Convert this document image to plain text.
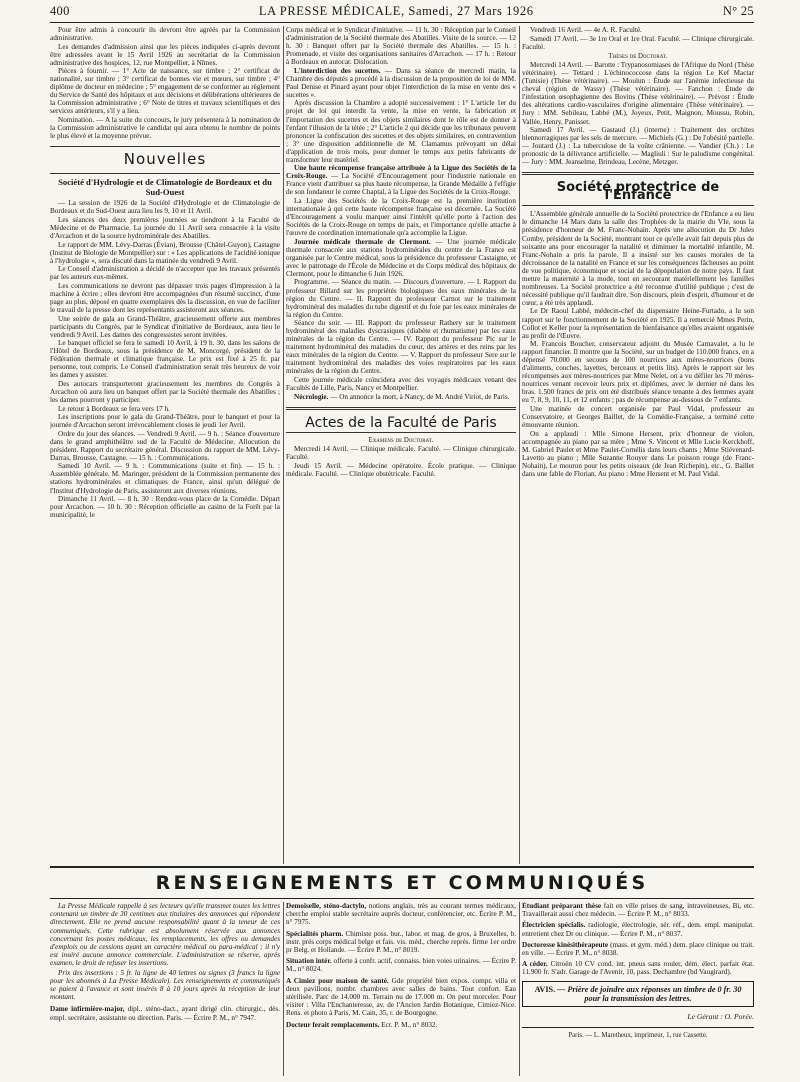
400	LA PRESSE MÉDICALE, Samedi, 27 Mars 1926	N° 25

Pour être admis à concourir ils devront être agréés par la Commission administrative.

Les demandes d'admission ainsi que les pièces indiquées ci-après devront être adressées avant le 15 Avril 1926 au secrétariat de la Commission administrative des hospices, 12, rue Montpellier, à Nîmes.

Pièces à fournir. — 1° Acte de naissance, sur timbre ; 2° certificat de nationalité, sur timbre ; 3° certificat de bonnes vie et mœurs, sur timbre ; 4° diplôme de docteur en médecine ; 5° engagement de se conformer au règlement du Service de Santé des hôpitaux et aux décisions et délibérations ultérieures de la Commission administrative ; 6° Note de titres et travaux scientifiques et des services antérieurs, s'il y a lieu.

Nomination. — A la suite du concours, le jury présentera à la nomination de la Commission administrative le candidat qui aura obtenu le nombre de points le plus élevé et la moyenne prévue.

Nouvelles
Société d'Hydrologie et de Climatologie de Bordeaux et du Sud-Ouest

— La session de 1926 de la Société d'Hydrologie et de Climatologie de Bordeaux et du Sud-Ouest aura lieu les 9, 10 et 11 Avril.

Les séances des deux premières journées se tiendront à la Faculté de Médecine et de Pharmacie. La journée du 11 Avril sera consacrée à la visite d'Arcachon et de la source hydrominérale des Abatilles.

Le rapport de MM. Lévy-Darras (Évian), Brousse (Châtel-Guyon), Castagne (Institut de Biologie de Montpellier) sur : « Les applications de l'acidité ionique à l'hydrologie », sera discuté dans la matinée du vendredi 9 Avril.

Le Conseil d'administration a décidé de n'accepter que les travaux présentés par les auteurs eux-mêmes.

Les communications ne devront pas dépasser trois pages d'impression à la machine à écrire ; elles devront être accompagnées d'un résumé succinct, d'une page au plus, déposé en quatre exemplaires dès la discussion, en vue de faciliter le travail de la presse dont les représentants assisteront aux séances.

Une soirée de gala au Grand-Théâtre, gracieusement offerte aux membres participants du Congrès, par le Syndicat d'initiative de Bordeaux, aura lieu le vendredi 9 Avril. Les dames des congressistes seront invitées.

Le banquet officiel se fera le samedi 10 Avril, à 19 h. 30, dans les salons de l'Hôtel de Bordeaux, sous la présidence de M. Moncorgé, président de la Fédération thermale et climatique française. Le prix est fixé à 25 fr. par personne, tout compris. Le Conseil d'administration serait très heureux de voir les dames y assister.

Des autocars transporteront gracieusement les membres du Congrès à Arcachon où aura lieu un banquet offert par la Société thermale des Abatilles ; les dames pourront y participer.

Le retour à Bordeaux se fera vers 17 h.

Les inscriptions pour le gala du Grand-Théâtre, pour le banquet et pour la journée d'Arcachon seront irrévocablement closes le jeudi 1er Avril.

Ordre du jour des séances. — Vendredi 9 Avril. — 9 h. : Séance d'ouverture dans le grand amphithéâtre sud de la Faculté de Médecine. Allocution du président. Rapport du secrétaire général. Discussion du rapport de MM. Lévy-Darras, Brousse, Castagne. — 15 h. : Communications.

Samedi 10 Avril. — 9 h. : Communications (suite et fin). — 15 h. : Assemblée générale. M. Maringer, président de la Commission permanente des stations hydrominérales et climatiques de France, ainsi qu'un délégué de l'Institut d'Hydrologie de Paris, assisteront aux diverses réunions.

Dimanche 11 Avril. — 8 h. 30 : Rendez-vous place de la Comédie. Départ pour Arcachon. — 10 h. 30 : Réception officielle au casino de la Forêt par la municipalité, le

Corps médical et le Syndicat d'initiative. — 11 h. 30 : Réception par le Conseil d'administration de la Société thermale des Abatilles. Visite de la source. — 12 h. 30 : Banquet offert par la Société thermale des Abatilles. — 15 h. : Promenade, et visite des organisations sanitaires d'Arcachon. — 17 h. : Retour à Bordeaux en autocar. Dislocation.

L'interdiction des sucettes. — Dans sa séance de mercredi matin, la Chambre des députés a procédé à la discussion de la proposition de loi de MM. Paul Denise et Pinard ayant pour objet l'interdiction de la mise en vente des « sucettes ».

Après discussion la Chambre a adopté successivement : 1° L'article 1er du projet de loi qui interdit la vente, la mise en vente, la fabrication et l'importation des sucettes et des objets similaires dont le rôle est de donner à l'enfant l'illusion de la tétée ; 2° L'article 2 qui décide que les tribunaux peuvent prononcer la confiscation des sucettes et des objets similaires, en contravention ; 3° une disposition additionnelle de M. Clamamus prévoyant un délai d'application de trois mois, pour donner le temps aux petits fabricants de transformer leur matériel.

Une haute récompense française attribuée à la Ligue des Sociétés de la Croix-Rouge. — La Société d'Encouragement pour l'industrie nationale en France vient d'attribuer sa plus haute récompense, la Grande Médaille à l'effigie de son fondateur le comte Chaptal, à la Ligue des Sociétés de la Croix-Rouge.

La Ligue des Sociétés de la Croix-Rouge est la première institution internationale à qui cette haute récompense française est décernée. La Société d'Encouragement a voulu marquer ainsi l'intérêt qu'elle porte à l'action des Sociétés de la Croix-Rouge en temps de paix, et l'importance qu'elle attache à l'œuvre de coordination internationale qu'a accomplie la Ligue.

Journée médicale thermale de Clermont. — Une journée médicale thermale consacrée aux stations hydrominérales du centre de la France est organisée par le Centre médical, sous la présidence du professeur Castaigne, et avec le patronage de l'École de Médecine et du Corps médical des hôpitaux de Clermont, pour le dimanche 6 Juin 1926.

Programme. — Séance du matin. — Discours d'ouverture. — I. Rapport du professeur Billard sur les propriétés biologiques des eaux minérales de la région du Centre. — II. Rapport du professeur Carnot sur le traitement hydrominéral des maladies du tube digestif et du foie par les eaux minérales de la région du Centre.

Séance du soir. — III. Rapport du professeur Rathery sur le traitement hydrominéral des maladies dyscrasiques (diabète et rhumatisme) par les eaux minérales de la région du Centre. — IV. Rapport du professeur Pic sur le traitement hydrominéral des maladies du cœur, des artères et des reins par les eaux minérales de la région du Centre. — V. Rapport du professeur Sere sur le traitement hydrominéral des maladies des voies respiratoires par les eaux minérales de la région du Centre.

Cette journée médicale coïncidera avec des voyages médicaux venant des Facultés de Lille, Paris, Nancy et Montpellier.

Nécrologie. — On annonce la mort, à Nancy, de M. André Viriot, de Paris.

Actes de la Faculté de Paris

Examens de Doctorat.

Mercredi 14 Avril. — Clinique médicale. Faculté. — Clinique chirurgicale. Faculté.

Jeudi 15 Avril. — Médecine opératoire. École pratique. — Clinique médicale. Faculté. — Clinique obstétricale. Faculté.

Vendredi 16 Avril. — 4e A. R. Faculté.

Samedi 17 Avril. — 3e 1re Oral et 1re Oral. Faculté. — Clinique chirurgicale. Faculté.

Thèses de Doctorat.

Mercredi 14 Avril. — Barotte : Trypanosomiases de l'Afrique du Nord (Thèse vétérinaire). — Tettard : L'échinococcose dans la région Le Kef Mactar (Tunisie) (Thèse vétérinaire). — Moulun : Étude sur l'anémie infectieuse du cheval (région de Wassy) (Thèse vétérinaire). — Fanchon : Étude de l'infestation œsophagienne des Bovins (Thèse vétérinaire). — Prévost : Étude des altérations cardio-vasculaires d'origine alimentaire (Thèse vétérinaire). — Jury : MM. Sebileau, Labbé (M.), Joyeux, Petit, Maignon, Moussu, Robin, Vallée, Henry, Panisset.

Samedi 17 Avril. — Gastaud (J.) (interne) : Traitement des orchites blennorragiques par les sels de mercure. — Michiels (G.) : De l'obésité partielle. — Joutard (J.) : La tuberculose de la voûte crânienne. — Vandier (Ch.) : Le pronostic de la délivrance artificielle. — Magliuli : Sur le paludisme congénital. — Jury : MM. Jeanselme, Brindeau, Lecène, Metzger.

Société protectrice de l'Enfance

L'Assemblée générale annuelle de la Société protectrice de l'Enfance a eu lieu le dimanche 14 Mars dans la salle des Trophées de la mairie du VIe, sous la présidence d'honneur de M. Franc-Nohain. Après une allocution du Dr Jules Comby, président de la Société, montrant tout ce qu'elle avait fait depuis plus de soixante ans pour encourager la natalité et diminuer la mortalité infantile, M. Franc-Nohain a pris la parole. Il a insisté sur les causes morales de la décroissance de la natalité en France et sur les conséquences fâcheuses au point de vue politique, économique et social de la dépopulation de notre pays. Il faut mettre la maternité à la mode, tout en secourant matériellement les familles nombreuses. La Société protectrice a été reconnue d'utilité publique ; c'est de nécessité publique qu'il faudrait dire. Son discours, plein d'esprit, d'humour et de cœur, a été très applaudi.

Le Dr Raoul Labbé, médecin-chef du dispensaire Heine-Furtado, a lu son rapport sur le fonctionnement de la Société en 1925. Il a remercié Mmes Perin, Collot et Keller pour la représentation de bienfaisance qu'elles avaient organisée au profit de l'Œuvre.

M. Francois Boucher, conservateur adjoint du Musée Carnavalet, a lu le rapport financier. Il montre que la Société, sur un budget de 110.000 francs, en a dépensé 70.000 en secours de 100 nourrices aux mères-nourrices (bons d'aliments, couches, layettes, berceaux et petits lits). Après le rapport sur les récompenses aux mères-nourrices par Mme Nelet, on a vu défiler les 70 mères-nourrices venant recevoir leurs prix et diplômes, avec le dernier né dans les bras. 1.500 francs de prix ont été distribués séance tenante à des femmes ayant eu 7, 8, 9, 10, 11, et 12 enfants ; pas de récompense au-dessous de 7 enfants.

Une matinée de concert organisée par Paul Vidal, professeur au Conservatoire, et Georges Baillet, de la Comédie-Française, a terminé cette émouvante réunion.

On a applaudi : Mlle Simone Hersent, prix d'honneur de violon, accompagnée au piano par sa mère ; Mme S. Vincent et Mlle Lucie Kerckhoff, M. Gabriel Paulet et Mme Paulet-Cornélis dans leurs chants ; Mme Stiévenard-Lavetto au piano ; Mlle Suzanne Rouyer dans Le poisson rouge (de Franc-Nohain), Le mouron pour les petits oiseaux (de Jean Richepin), etc., G. Baillet dans une fable de Florian. Au piano : Mme Hersent et M. Paul Vidal.

RENSEIGNEMENTS ET COMMUNIQUÉS

La Presse Médicale rappelle à ses lecteurs qu'elle transmet toutes les lettres contenant un timbre de 30 centimes aux titulaires des annonces qui répondent directement. Elle ne prend aucune responsabilité quant à la teneur de ces communiqués. Cette rubrique est absolument réservée aux annonces concernant les postes médicaux, les remplacements, les offres ou demandes d'emplois ou de cessions ayant un caractère médical ou para-médical ; il n'y est inséré aucune annonce commerciale. L'administration se réserve, après examen, le droit de refuser les insertions.

Prix des insertions : 5 fr. la ligne de 40 lettres ou signes (3 francs la ligne pour les abonnés à La Presse Médicale). Les renseignements et communiqués se paient à l'avance et sont insérés 8 à 10 jours après la réception de leur montant.

Dame infirmière-major, dipl., sténo-dact., ayant dirigé clin. chirurgic., dés. empl. secrétaire, assistante ou direction. Paris. — Écrire P. M., n° 7947.

Demoiselle, sténo-dactylo, notions anglais, très au courant termes médicaux, cherche emploi stable secrétaire auprès docteur, conférencier, etc. Écrire P. M., n° 7975.

Spécialités pharm. Chimiste poss. bur., labor. et mag. de gros, à Bruxelles, b. instr. prés corps médical belge et fais. vis. méd., cherche représ. firme 1er ordre pr Belg. et Hollande. — Écrire P. M., n° 8019.

Situation intér. offerte à confr. actif, connaiss. bien voies urinaires. — Écrire P. M., n° 8024.

A Cimiez pour maison de santé. Gde propriété bien expos. compr. villa et deux pavillons, nombr. chambres avec salles de bains. Tout confort. Eau stérilisée. Parc de 14.000 m. Terrain nu de 17.000 m. On peut morceler. Pour visiter : Villa l'Enchanteresse, av. de l'Ancien Jardin Botanique, Cimiez-Nice. Rens. et photo à Paris, M. Cain, 35, r. de Bourgogne.

Docteur ferait remplacements. Ecr. P. M., n° 8032.

Étudiant préparant thèse fait en ville prises de sang, intraveineuses, Bi, etc. Travaillerait aussi chez médecin. — Écrire P. M., n° 8033.

Électricien spécialis. radiologie, électrologie, sér. réf., dem. empl. manipulat. entretient chez Dr ou clinique. — Écrire P. M., n° 8037.

Doctoresse kinésithérapeute (mass. et gym. méd.) dem. place clinique ou trait. en ville. — Écrire P. M., n° 8038.

A céder. Citroën 10 CV cond. int. pneus sans rouler, dém. élect. parfait état. 11.900 fr. S'adr. Garage de l'Avenir, 10, pass. Dechambre (bd Vaugirard).

AVIS. — Prière de joindre aux réponses un timbre de 0 fr. 30 pour la transmission des lettres.
Le Gérant : O. Porée.
Paris. — L. Maretheux, imprimeur, 1, rue Cassette.
